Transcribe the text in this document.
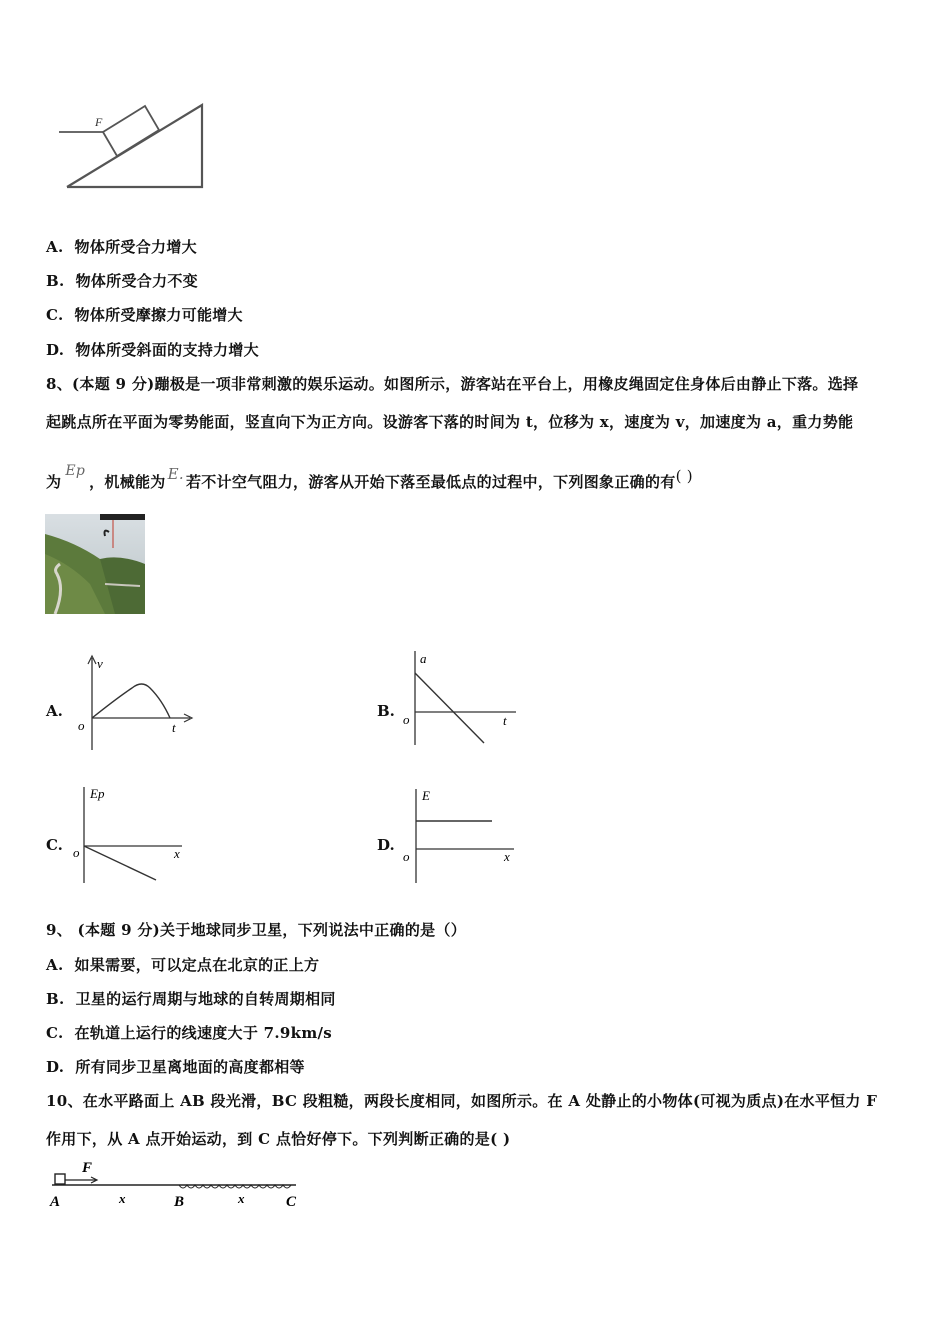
F
A. 物体所受合力增大
B. 物体所受合力不变
C. 物体所受摩擦力可能增大
D. 物体所受斜面的支持力增大
8、(本题 9 分)蹦极是一项非常刺激的娱乐运动。如图所示，游客站在平台上，用橡皮绳固定住身体后由静止下落。选择
起跳点所在平面为零势能面，竖直向下为正方向。设游客下落的时间为 t，位移为 x，速度为 v，加速度为 a，重力势能
为Ep，机械能为 E. 若不计空气阻力，游客从开始下落至最低点的过程中，下列图象正确的有( )
A.
v
t
o
B.
a
t
o
C.
Ep
x
o	D.
E
x
o
9、 (本题 9 分)关于地球同步卫星，下列说法中正确的是（）
A. 如果需要，可以定点在北京的正上方
B. 卫星的运行周期与地球的自转周期相同
C. 在轨道上运行的线速度大于 7.9km/s
D. 所有同步卫星离地面的高度都相等
10、在水平路面上 AB 段光滑，BC 段粗糙，两段长度相同，如图所示。在 A 处静止的小物体(可视为质点)在水平恒力 F
作用下，从 A 点开始运动，到 C 点恰好停下。下列判断正确的是( )
F
A	x	B	x	C
